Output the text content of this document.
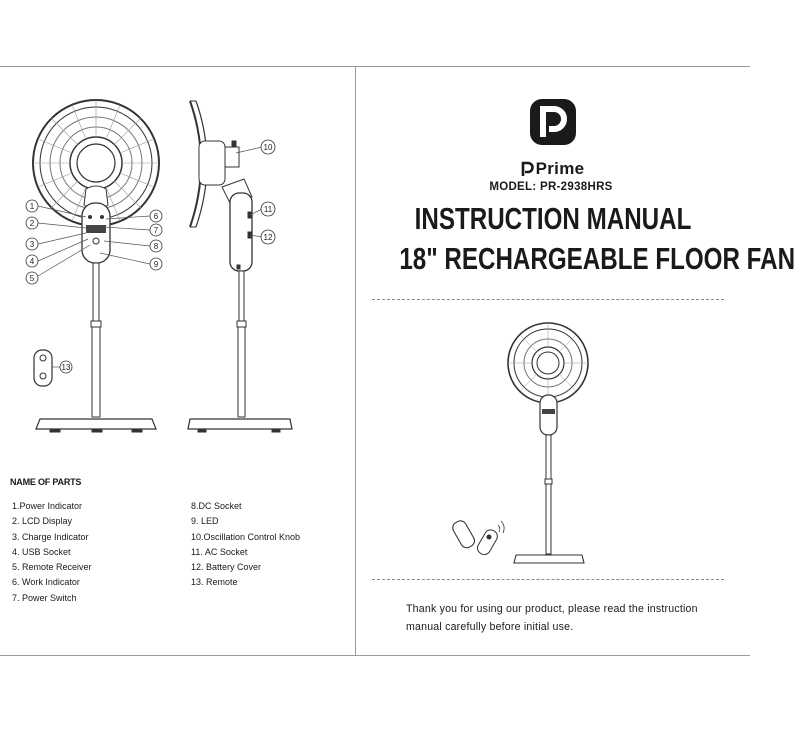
1
2
3
4
5
6
7
8
9
10
11
12
13
NAME OF PARTS
1.Power Indicator
2. LCD Display
3. Charge Indicator
4. USB Socket
5. Remote Receiver
6. Work Indicator
7. Power Switch
8.DC Socket
9. LED
10.Oscillation Control Knob
11. AC Socket
12. Battery Cover
13. Remote
Prime
MODEL: PR-2938HRS
INSTRUCTION MANUAL
18" RECHARGEABLE FLOOR FAN
Thank you for using our product, please read the instruction
manual carefully before initial use.
